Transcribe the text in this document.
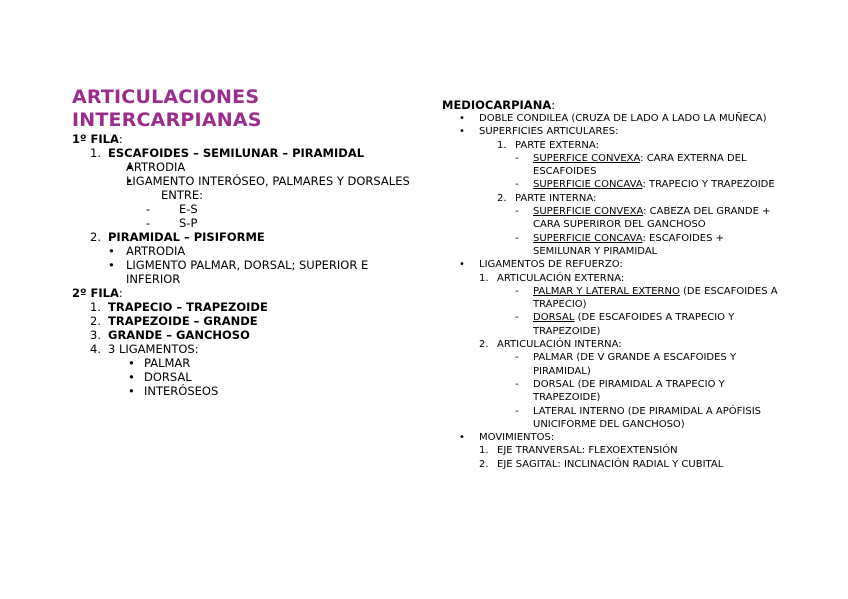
ARTICULACIONES
INTERCARPIANAS
1º FILA:
1. ESCAFOIDES – SEMILUNAR – PIRAMIDAL
•
ARTRODIA
•
LIGAMENTO INTERÓSEO, PALMARES Y DORSALES ENTRE:
-	E-S
-	S-P
2. PIRAMIDAL – PISIFORME
•
ARTRODIA
•
LIGMENTO PALMAR, DORSAL; SUPERIOR E INFERIOR
2º FILA:
1. TRAPECIO – TRAPEZOIDE
2. TRAPEZOIDE – GRANDE
3. GRANDE – GANCHOSO
4. 3 LIGAMENTOS:
•
PALMAR
•
DORSAL
•
INTERÓSEOS
MEDIOCARPIANA:
•
DOBLE CONDILEA (CRUZA DE LADO A LADO LA MUÑECA)
•
SUPERFICIES ARTICULARES:
1. PARTE EXTERNA:
- SUPERFICE CONVEXA: CARA EXTERNA DEL ESCAFOIDES
- SUPERFICIE CONCAVA: TRAPECIO Y TRAPEZOIDE
2. PARTE INTERNA:
- SUPERFICIE CONVEXA: CABEZA DEL GRANDE + CARA SUPERIROR DEL GANCHOSO
- SUPERFICIE CONCAVA: ESCAFOIDES + SEMILUNAR Y PIRAMIDAL
•
LIGAMENTOS DE REFUERZO:
1. ARTICULACIÓN EXTERNA:
- PALMAR Y LATERAL EXTERNO (DE ESCAFOIDES A TRAPECIO)
- DORSAL (DE ESCAFOIDES A TRAPECIO Y TRAPEZOIDE)
2. ARTICULACIÓN INTERNA:
- PALMAR (DE V GRANDE A ESCAFOIDES Y PIRAMIDAL)
- DORSAL (DE PIRAMIDAL A TRAPECIO Y TRAPEZOIDE)
- LATERAL INTERNO (DE PIRAMIDAL A APÓFISIS UNICIFORME DEL GANCHOSO)
•
MOVIMIENTOS:
1. EJE TRANVERSAL: FLEXOEXTENSIÓN
2. EJE SAGITAL: INCLINACIÓN RADIAL Y CUBITAL
